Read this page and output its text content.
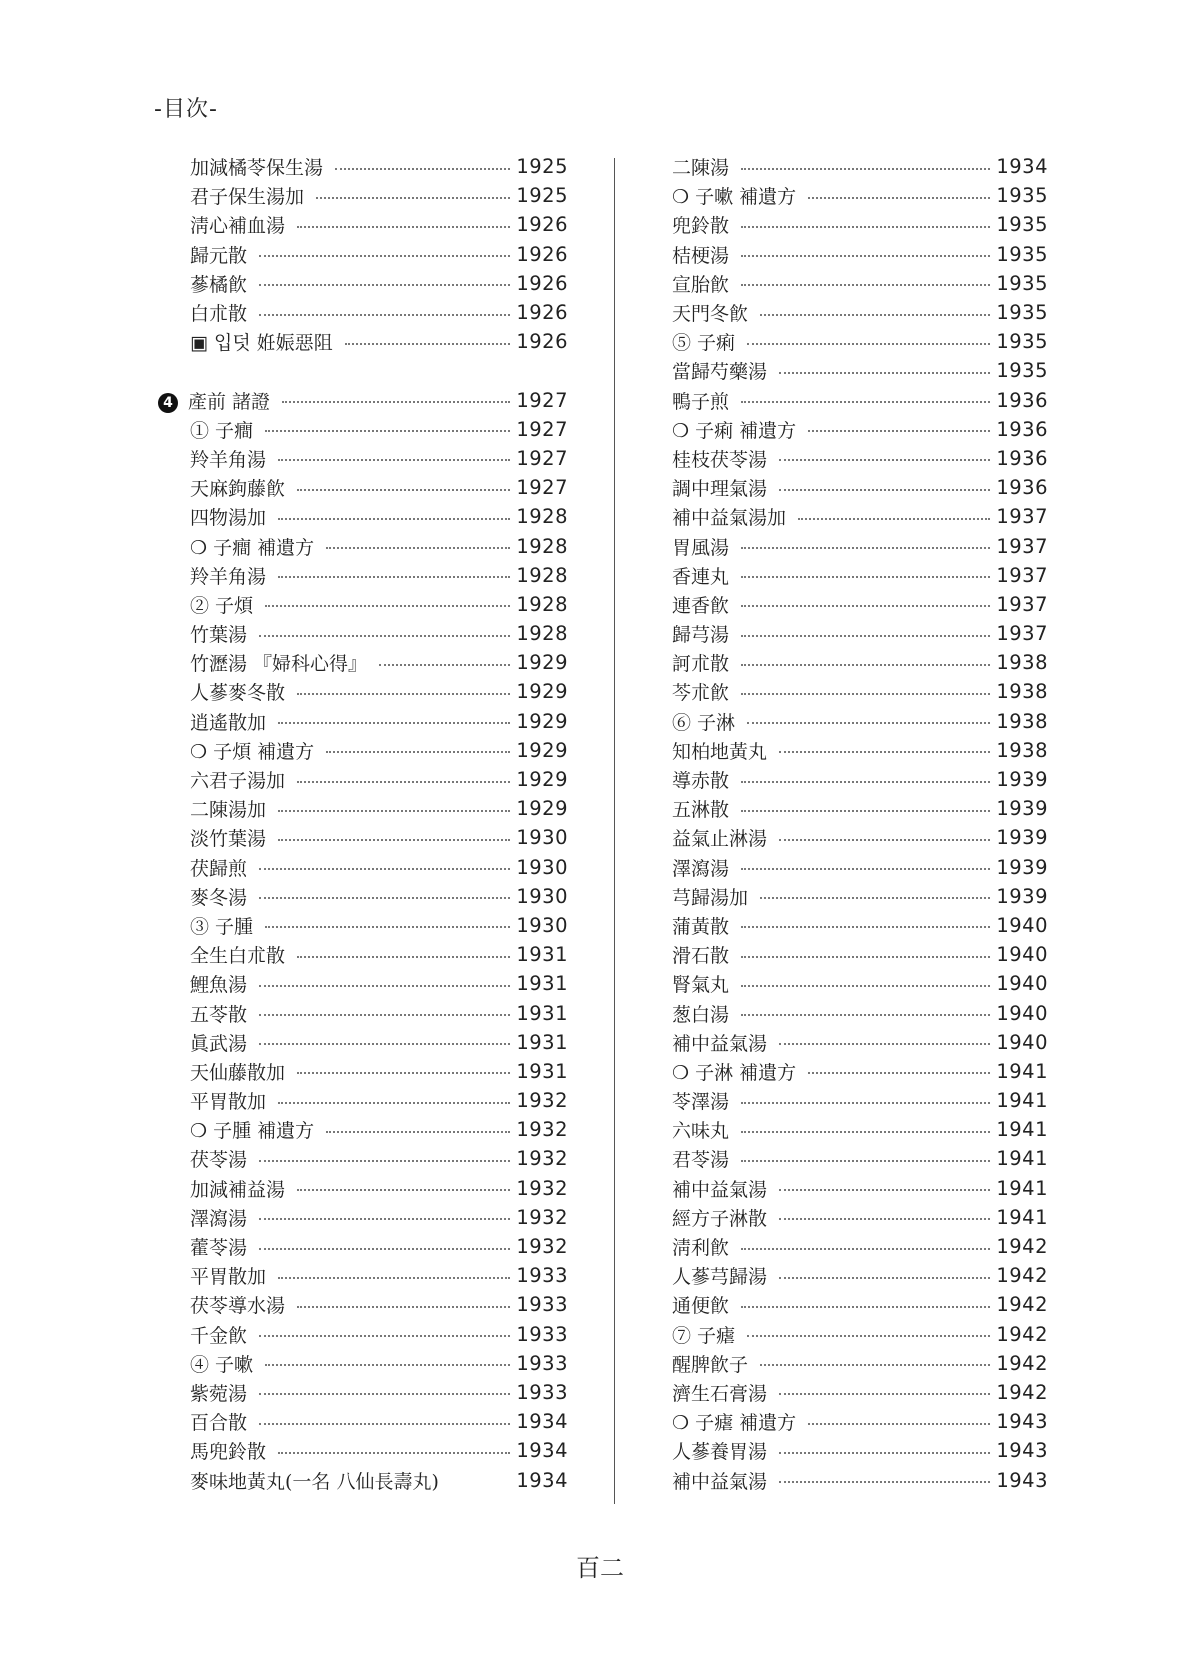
-目次-
加減橘苓保生湯	1925
君子保生湯加	1925
淸心補血湯	1926
歸元散	1926
蔘橘飮	1926
白朮散	1926
▣ 입덧 姙娠惡阻	1926
4 產前 諸證	1927
① 子癎	1927
羚羊角湯	1927
天麻鉤藤飮	1927
四物湯加	1928
❍ 子癎 補遺方	1928
羚羊角湯	1928
② 子煩	1928
竹葉湯	1928
竹瀝湯 『婦科心得』	1929
人蔘麥冬散	1929
逍遙散加	1929
❍ 子煩 補遺方	1929
六君子湯加	1929
二陳湯加	1929
淡竹葉湯	1930
茯歸煎	1930
麥冬湯	1930
③ 子腫	1930
全生白朮散	1931
鯉魚湯	1931
五苓散	1931
眞武湯	1931
天仙藤散加	1931
平胃散加	1932
❍ 子腫 補遺方	1932
茯苓湯	1932
加減補益湯	1932
澤瀉湯	1932
藿苓湯	1932
平胃散加	1933
茯苓導水湯	1933
千金飮	1933
④ 子嗽	1933
紫菀湯	1933
百合散	1934
馬兜鈴散	1934
麥味地黃丸(一名 八仙長壽丸)	1934
二陳湯	1934
❍ 子嗽 補遺方	1935
兜鈴散	1935
桔梗湯	1935
宣胎飮	1935
天門冬飮	1935
⑤ 子痢	1935
當歸芍藥湯	1935
鴨子煎	1936
❍ 子痢 補遺方	1936
桂枝茯苓湯	1936
調中理氣湯	1936
補中益氣湯加	1937
胃風湯	1937
香連丸	1937
連香飮	1937
歸芎湯	1937
訶朮散	1938
芩朮飮	1938
⑥ 子淋	1938
知柏地黃丸	1938
導赤散	1939
五淋散	1939
益氣止淋湯	1939
澤瀉湯	1939
芎歸湯加	1939
蒲黃散	1940
滑石散	1940
腎氣丸	1940
葱白湯	1940
補中益氣湯	1940
❍ 子淋 補遺方	1941
苓澤湯	1941
六味丸	1941
君苓湯	1941
補中益氣湯	1941
經方子淋散	1941
淸利飮	1942
人蔘芎歸湯	1942
通便飮	1942
⑦ 子瘧	1942
醒脾飮子	1942
濟生石膏湯	1942
❍ 子瘧 補遺方	1943
人蔘養胃湯	1943
補中益氣湯	1943
百二
